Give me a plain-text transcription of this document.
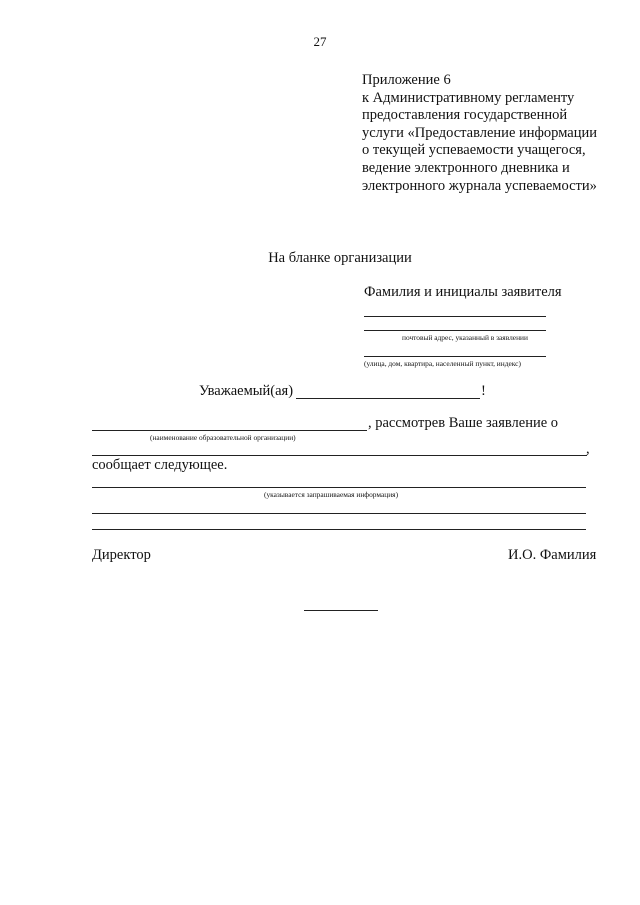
27
Приложение 6
к Административному регламенту
предоставления государственной
услуги «Предоставление информации
о текущей успеваемости учащегося,
ведение электронного дневника и
электронного журнала успеваемости»
На бланке организации
Фамилия и инициалы заявителя
почтовый адрес, указанный в заявлении
(улица, дом, квартира, населенный пункт, индекс)
Уважаемый(ая)	!
, рассмотрев Ваше заявление о
(наименование образовательной организации)
,
сообщает следующее.
(указывается запрашиваемая информация)
Директор	И.О. Фамилия
